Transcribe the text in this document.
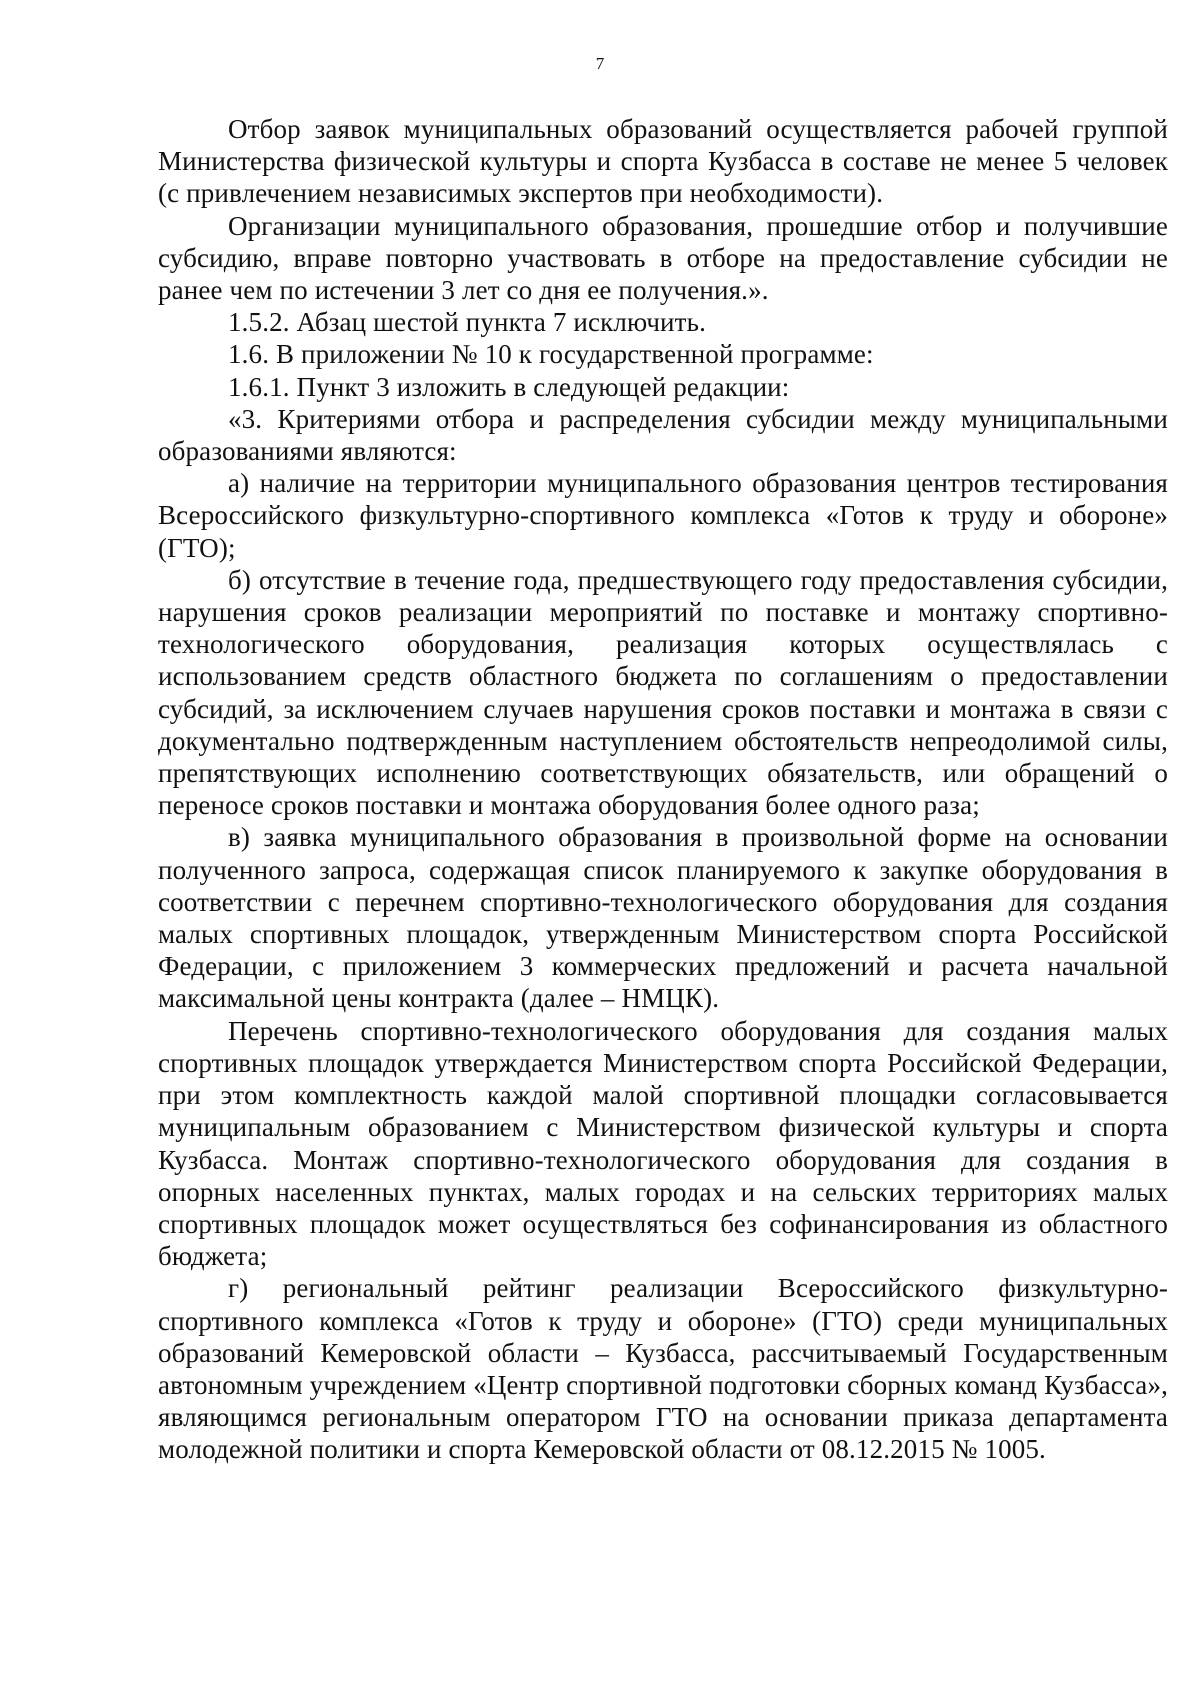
7

Отбор заявок муниципальных образований осуществляется рабочей группой Министерства физической культуры и спорта Кузбасса в составе не менее 5 человек (с привлечением независимых экспертов при необходимости).

Организации муниципального образования, прошедшие отбор и получившие субсидию, вправе повторно участвовать в отборе на предоставление субсидии не ранее чем по истечении 3 лет со дня ее получения.».

1.5.2. Абзац шестой пункта 7 исключить.

1.6. В приложении № 10 к государственной программе:

1.6.1. Пункт 3 изложить в следующей редакции:

«3. Критериями отбора и распределения субсидии между муниципальными образованиями являются:

а) наличие на территории муниципального образования центров тестирования Всероссийского физкультурно-спортивного комплекса «Готов к труду и обороне» (ГТО);

б) отсутствие в течение года, предшествующего году предоставления субсидии, нарушения сроков реализации мероприятий по поставке и монтажу спортивно-технологического оборудования, реализация которых осуществлялась с использованием средств областного бюджета по соглашениям о предоставлении субсидий, за исключением случаев нарушения сроков поставки и монтажа в связи с документально подтвержденным наступлением обстоятельств непреодолимой силы, препятствующих исполнению соответствующих обязательств, или обращений о переносе сроков поставки и монтажа оборудования более одного раза;

в) заявка муниципального образования в произвольной форме на основании полученного запроса, содержащая список планируемого к закупке оборудования в соответствии с перечнем спортивно-технологического оборудования для создания малых спортивных площадок, утвержденным Министерством спорта Российской Федерации, с приложением 3 коммерческих предложений и расчета начальной максимальной цены контракта (далее – НМЦК).

Перечень спортивно-технологического оборудования для создания малых спортивных площадок утверждается Министерством спорта Российской Федерации, при этом комплектность каждой малой спортивной площадки согласовывается муниципальным образованием с Министерством физической культуры и спорта Кузбасса. Монтаж спортивно-технологического оборудования для создания в опорных населенных пунктах, малых городах и на сельских территориях малых спортивных площадок может осуществляться без софинансирования из областного бюджета;

г) региональный рейтинг реализации Всероссийского физкультурно-спортивного комплекса «Готов к труду и обороне» (ГТО) среди муниципальных образований Кемеровской области – Кузбасса, рассчитываемый Государственным автономным учреждением «Центр спортивной подготовки сборных команд Кузбасса», являющимся региональным оператором ГТО на основании приказа департамента молодежной политики и спорта Кемеровской области от 08.12.2015 № 1005.
